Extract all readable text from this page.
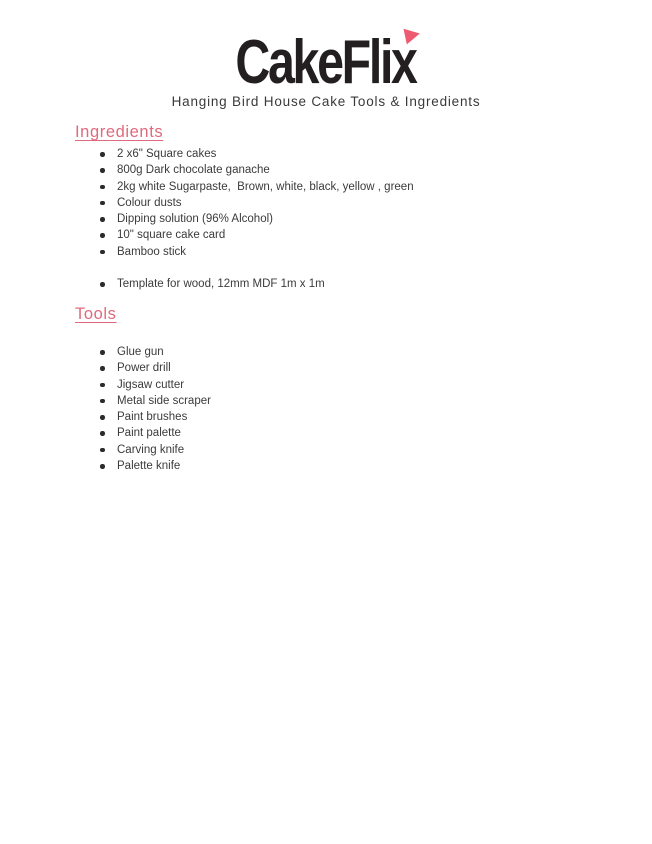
CakeFlix
Hanging Bird House Cake Tools & Ingredients
Ingredients
2 x6" Square cakes
800g Dark chocolate ganache
2kg white Sugarpaste,  Brown, white, black, yellow , green
Colour dusts
Dipping solution (96% Alcohol)
10" square cake card
Bamboo stick
Template for wood, 12mm MDF 1m x 1m
Tools
Glue gun
Power drill
Jigsaw cutter
Metal side scraper
Paint brushes
Paint palette
Carving knife
Palette knife
